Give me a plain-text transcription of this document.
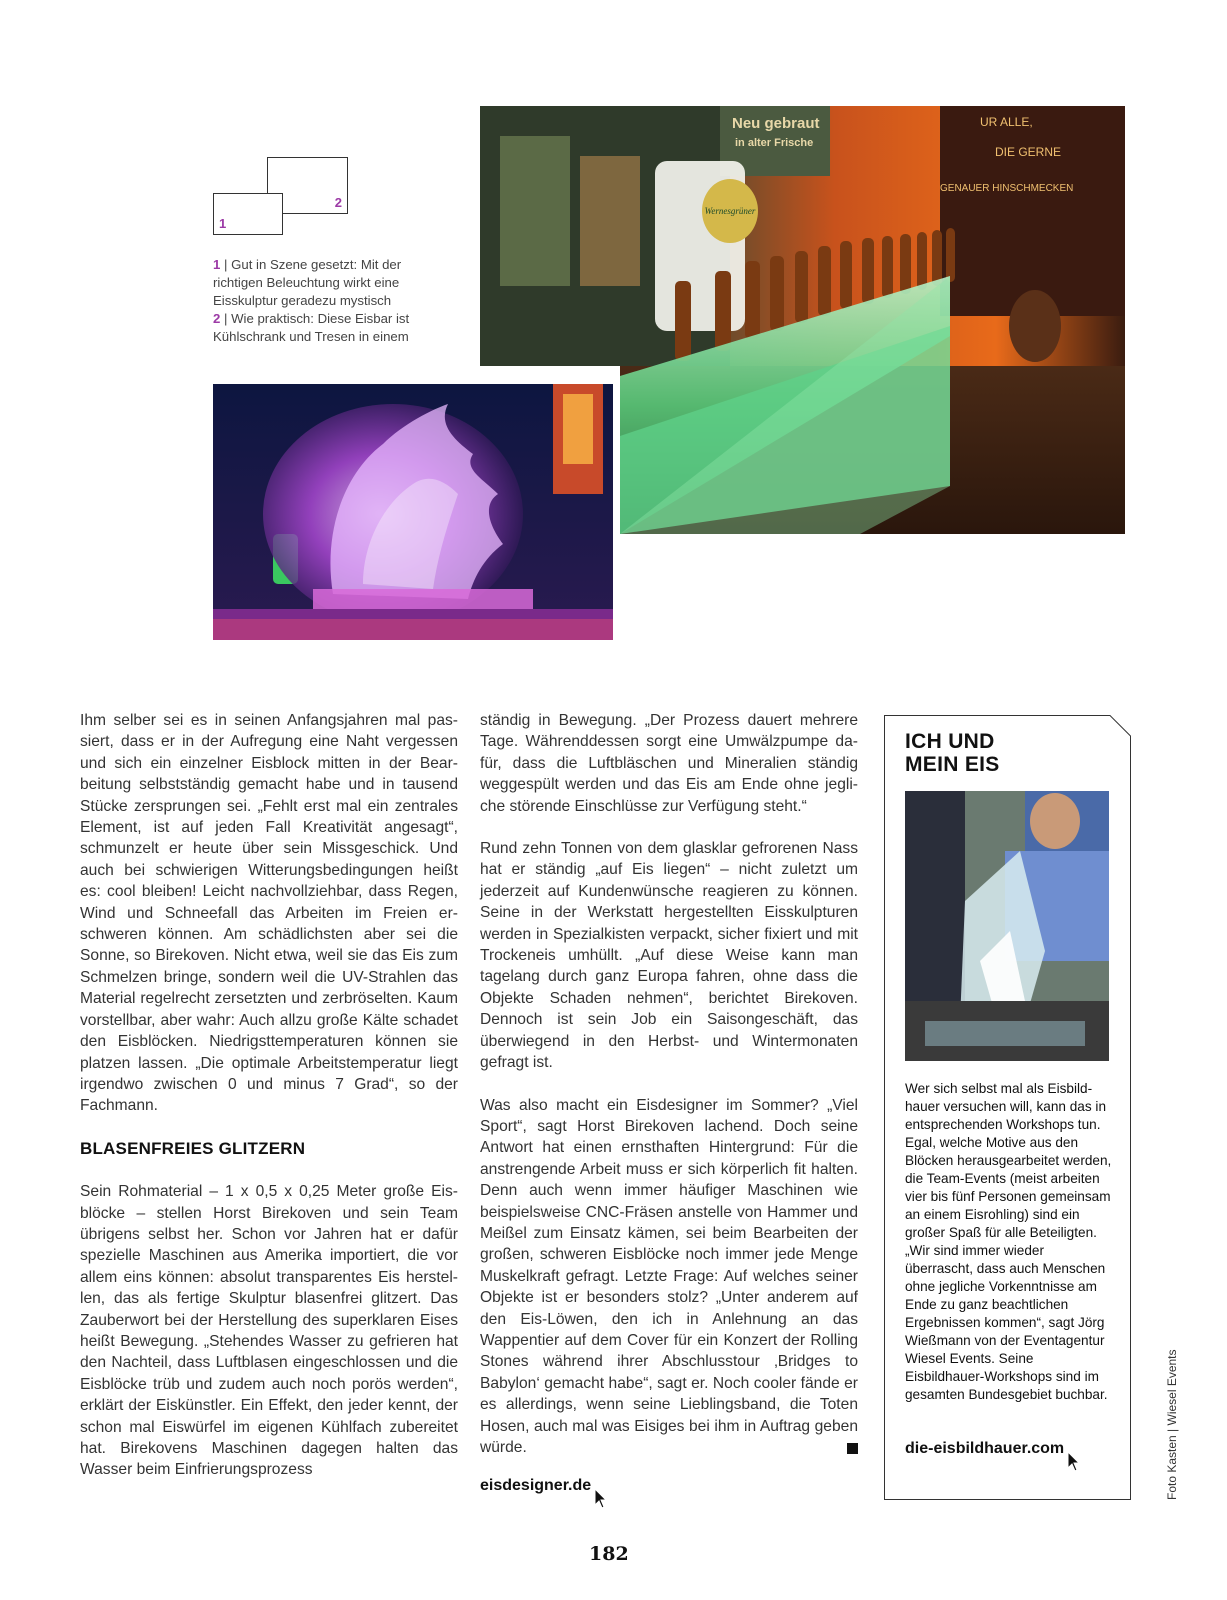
2
1
1 | Gut in Szene gesetzt: Mit der richtigen Beleuchtung wirkt eine Eisskulptur geradezu mystisch
2 | Wie praktisch: Diese Eisbar ist Kühlschrank und Tresen in einem
Neu gebraut
in alter Frische
UR ALLE,
DIE GERNE
GENAUER HINSCHMECKEN
Wernesgrüner

Ihm selber sei es in seinen Anfangsjahren mal passiert, dass er in der Aufregung eine Naht vergessen und sich ein einzelner Eisblock mitten in der Bearbeitung selbstständig gemacht habe und in tausend Stücke zersprungen sei. „Fehlt erst mal ein zentrales Element, ist auf jeden Fall Kreativität angesagt“, schmunzelt er heute über sein Missgeschick. Und auch bei schwierigen Witterungsbedingungen heißt es: cool bleiben! Leicht nachvollziehbar, dass Regen, Wind und Schneefall das Arbeiten im Freien erschweren können. Am schädlichsten aber sei die Sonne, so Birekoven. Nicht etwa, weil sie das Eis zum Schmelzen bringe, sondern weil die UV-Strahlen das Material regelrecht zersetzten und zerbröselten. Kaum vorstellbar, aber wahr: Auch allzu große Kälte schadet den Eisblöcken. Niedrigsttemperaturen können sie platzen lassen. „Die optimale Arbeitstemperatur liegt irgendwo zwischen 0 und minus 7 Grad“, so der Fachmann.

BLASENFREIES GLITZERN

Sein Rohmaterial – 1 x 0,5 x 0,25 Meter große Eisblöcke – stellen Horst Birekoven und sein Team übrigens selbst her. Schon vor Jahren hat er dafür spezielle Maschinen aus Amerika importiert, die vor allem eins können: absolut transparentes Eis herstellen, das als fertige Skulptur blasenfrei glitzert. Das Zauberwort bei der Herstellung des superklaren Eises heißt Bewegung. „Stehendes Wasser zu gefrieren hat den Nachteil, dass Luftblasen eingeschlossen und die Eisblöcke trüb und zudem auch noch porös werden“, erklärt der Eiskünstler. Ein Effekt, den jeder kennt, der schon mal Eiswürfel im eigenen Kühlfach zubereitet hat. Birekovens Maschinen dagegen halten das Wasser beim Einfrierungsprozess

ständig in Bewegung. „Der Prozess dauert mehrere Tage. Währenddessen sorgt eine Umwälzpumpe dafür, dass die Luftbläschen und Mineralien ständig weggespült werden und das Eis am Ende ohne jegliche störende Einschlüsse zur Verfügung steht.“

Rund zehn Tonnen von dem glasklar gefrorenen Nass hat er ständig „auf Eis liegen“ – nicht zuletzt um jederzeit auf Kundenwünsche reagieren zu können. Seine in der Werkstatt hergestellten Eisskulpturen werden in Spezialkisten verpackt, sicher fixiert und mit Trockeneis umhüllt. „Auf diese Weise kann man tagelang durch ganz Europa fahren, ohne dass die Objekte Schaden nehmen“, berichtet Birekoven. Dennoch ist sein Job ein Saisongeschäft, das überwiegend in den Herbst- und Wintermonaten gefragt ist.

Was also macht ein Eisdesigner im Sommer? „Viel Sport“, sagt Horst Birekoven lachend. Doch seine Antwort hat einen ernsthaften Hintergrund: Für die anstrengende Arbeit muss er sich körperlich fit halten. Denn auch wenn immer häufiger Maschinen wie beispielsweise CNC-Fräsen anstelle von Hammer und Meißel zum Einsatz kämen, sei beim Bearbeiten der großen, schweren Eisblöcke noch immer jede Menge Muskelkraft gefragt. Letzte Frage: Auf welches seiner Objekte ist er besonders stolz? „Unter anderem auf den Eis-Löwen, den ich in Anlehnung an das Wappentier auf dem Cover für ein Konzert der Rolling Stones während ihrer Abschlusstour ‚Bridges to Babylon‘ gemacht habe“, sagt er. Noch cooler fände er es allerdings, wenn seine Lieblingsband, die Toten Hosen, auch mal was Eisiges bei ihm in Auftrag geben würde.

eisdesigner.de
ICH UND
MEIN EIS
Wer sich selbst mal als Eisbildhauer versuchen will, kann das in entsprechenden Workshops tun. Egal, welche Motive aus den Blöcken herausgearbeitet werden, die Team-Events (meist arbeiten vier bis fünf Personen gemeinsam an einem Eisrohling) sind ein großer Spaß für alle Beteiligten. „Wir sind immer wieder überrascht, dass auch Menschen ohne jegliche Vorkenntnisse am Ende zu ganz beachtlichen Ergebnissen kommen“, sagt Jörg Wießmann von der Eventagentur Wiesel Events. Seine Eisbildhauer-Workshops sind im gesamten Bundesgebiet buchbar.
die-eisbildhauer.com	Foto Kasten | Wiesel Events
182
